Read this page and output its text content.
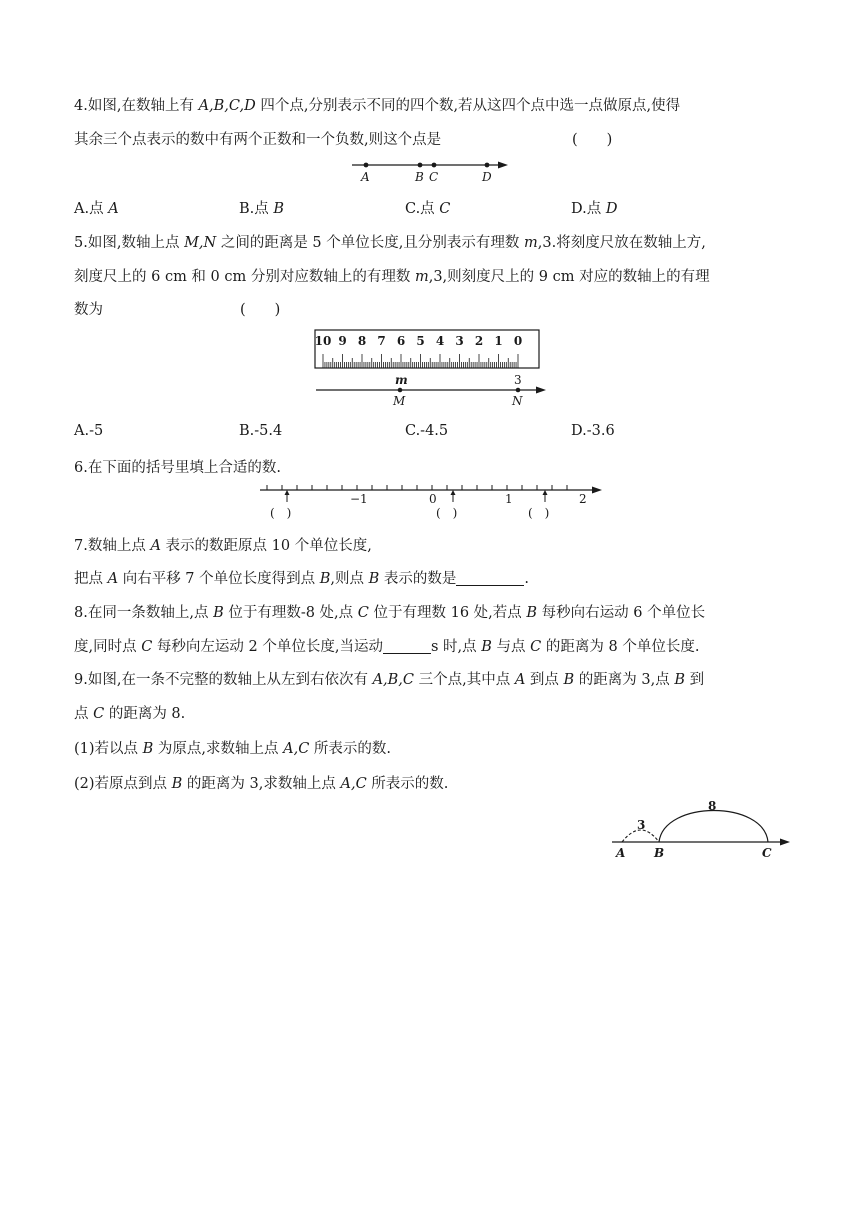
4.如图,在数轴上有 A,B,C,D 四个点,分别表示不同的四个数,若从这四个点中选一点做原点,使得
其余三个点表示的数中有两个正数和一个负数,则这个点是	(　　)
A	B C	D
A.点 A	B.点 B	C.点 C	D.点 D
5.如图,数轴上点 M,N 之间的距离是 5 个单位长度,且分别表示有理数 m,3.将刻度尺放在数轴上方,
刻度尺上的 6 cm 和 0 cm 分别对应数轴上的有理数 m,3,则刻度尺上的 9 cm 对应的数轴上的有理
数为	(　　)
10 9 8 7 6 5 4 3 2 1 0
m	3
M	N
A.-5	B.-5.4	C.-4.5	D.-3.6
6.在下面的括号里填上合适的数.
−1	0	1	2
(　)	(　)	(　)
7.数轴上点 A 表示的数距原点 10 个单位长度,
把点 A 向右平移 7 个单位长度得到点 B,则点 B 表示的数是	.
8.在同一条数轴上,点 B 位于有理数-8 处,点 C 位于有理数 16 处,若点 B 每秒向右运动 6 个单位长
度,同时点 C 每秒向左运动 2 个单位长度,当运动	s 时,点 B 与点 C 的距离为 8 个单位长度.
9.如图,在一条不完整的数轴上从左到右依次有 A,B,C 三个点,其中点 A 到点 B 的距离为 3,点 B 到
点 C 的距离为 8.
(1)若以点 B 为原点,求数轴上点 A,C 所表示的数.
(2)若原点到点 B 的距离为 3,求数轴上点 A,C 所表示的数.
3
8
A B	C
